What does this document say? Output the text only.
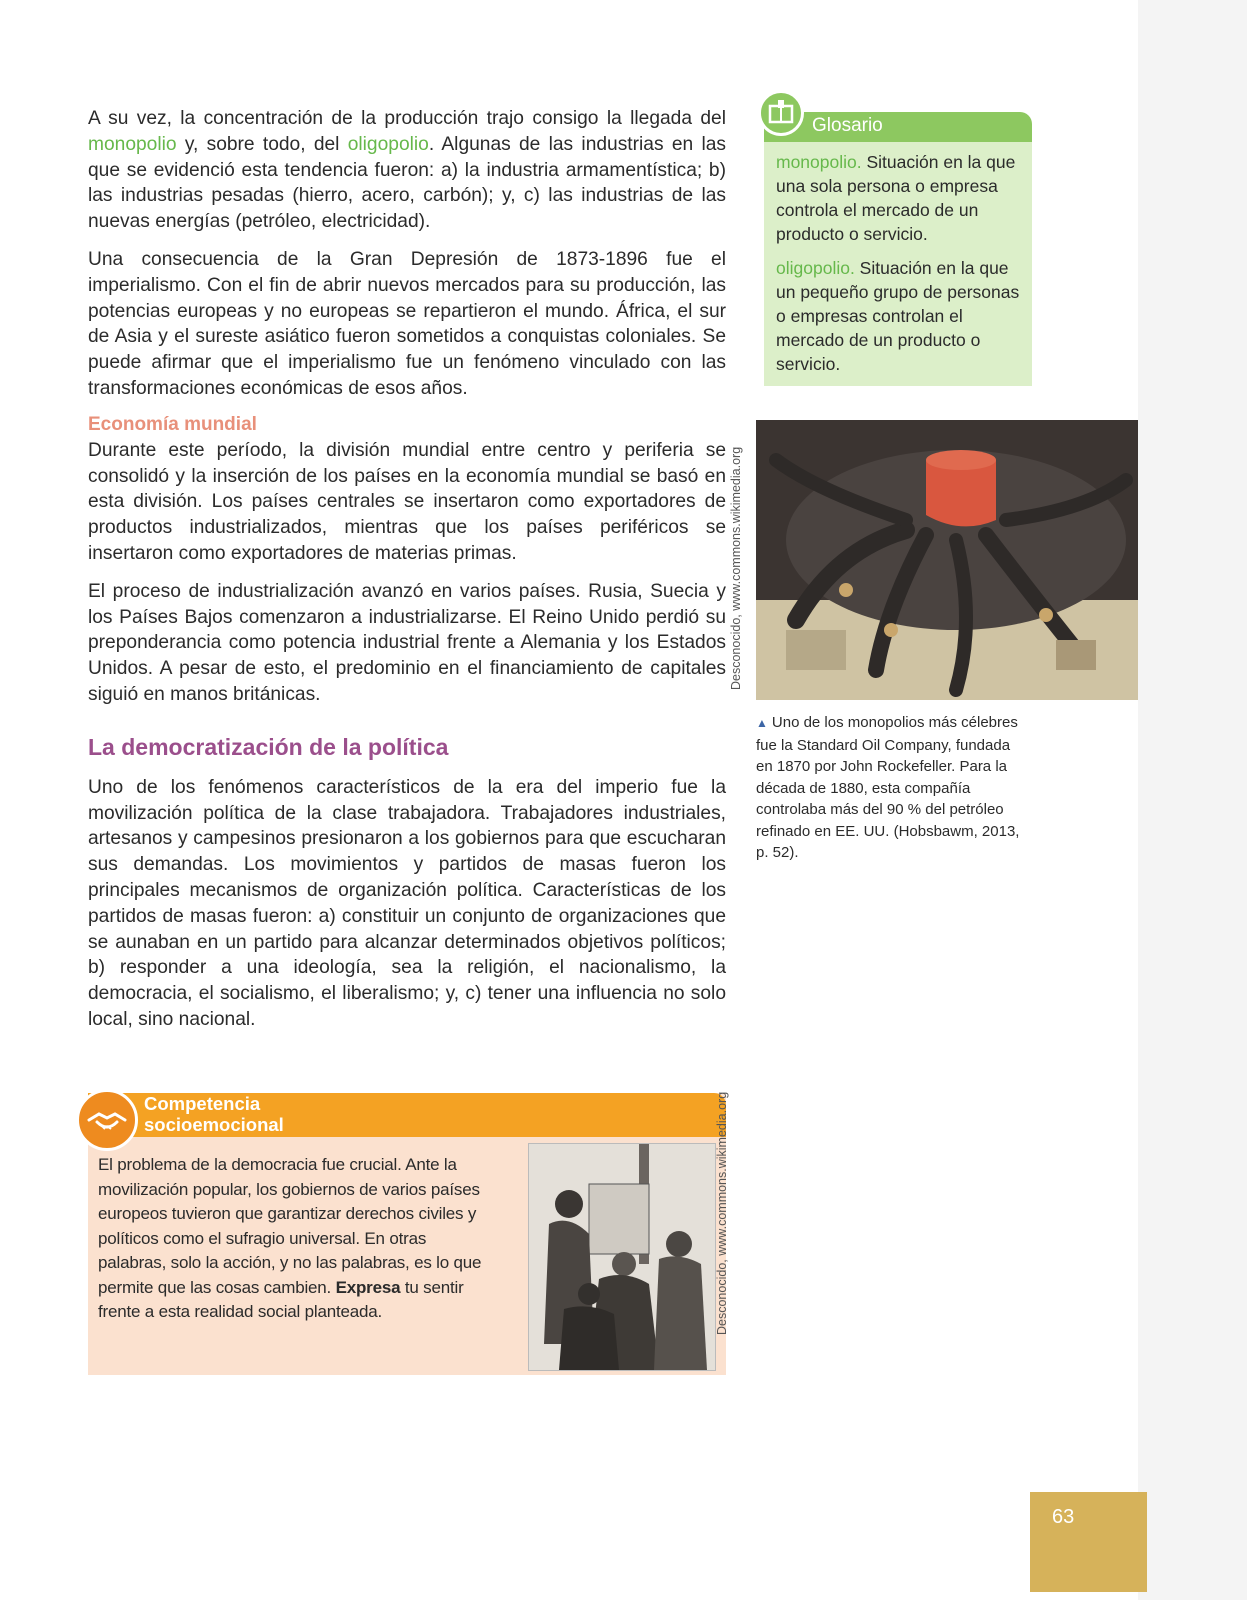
A su vez, la concentración de la producción trajo consigo la llegada del monopolio y, sobre todo, del oligopolio. Algunas de las industrias en las que se evidenció esta tendencia fueron: a) la industria armamentística; b) las industrias pesadas (hierro, acero, carbón); y, c) las industrias de las nuevas energías (petróleo, electricidad).

Una consecuencia de la Gran Depresión de 1873-1896 fue el imperialismo. Con el fin de abrir nuevos mercados para su producción, las potencias europeas y no europeas se repartieron el mundo. África, el sur de Asia y el sureste asiático fueron sometidos a conquistas coloniales. Se puede afirmar que el imperialismo fue un fenómeno vinculado con las transformaciones económicas de esos años.

Economía mundial

Durante este período, la división mundial entre centro y periferia se consolidó y la inserción de los países en la economía mundial se basó en esta división. Los países centrales se insertaron como exportadores de productos industrializados, mientras que los países periféricos se insertaron como exportadores de materias primas.

El proceso de industrialización avanzó en varios países. Rusia, Suecia y los Países Bajos comenzaron a industrializarse. El Reino Unido perdió su preponderancia como potencia industrial frente a Alemania y los Estados Unidos. A pesar de esto, el predominio en el financiamiento de capitales siguió en manos británicas.

La democratización de la política

Uno de los fenómenos característicos de la era del imperio fue la movilización política de la clase trabajadora. Trabajadores industriales, artesanos y campesinos presionaron a los gobiernos para que escucharan sus demandas. Los movimientos y partidos de masas fueron los principales mecanismos de organización política. Características de los partidos de masas fueron: a) constituir un conjunto de organizaciones que se aunaban en un partido para alcanzar determinados objetivos políticos; b) responder a una ideología, sea la religión, el nacionalismo, la democracia, el socialismo, el liberalismo; y, c) tener una influencia no solo local, sino nacional.

Glosario

monopolio. Situación en la que una sola persona o empresa controla el mercado de un producto o servicio.

oligopolio. Situación en la que un pequeño grupo de personas o empresas controlan el mercado de un producto o servicio.

Desconocido, www.commons.wikimedia.org
▲ Uno de los monopolios más célebres fue la Standard Oil Company, fundada en 1870 por John Rockefeller. Para la década de 1880, esta compañía controlaba más del 90 % del petróleo refinado en EE. UU. (Hobsbawm, 2013, p. 52).
Competencia
socioemocional
El problema de la democracia fue crucial. Ante la movilización popular, los gobiernos de varios países europeos tuvieron que garantizar derechos civiles y políticos como el sufragio universal. En otras palabras, solo la acción, y no las palabras, es lo que permite que las cosas cambien. Expresa tu sentir frente a esta realidad social planteada.	Desconocido, www.commons.wikimedia.org
63
